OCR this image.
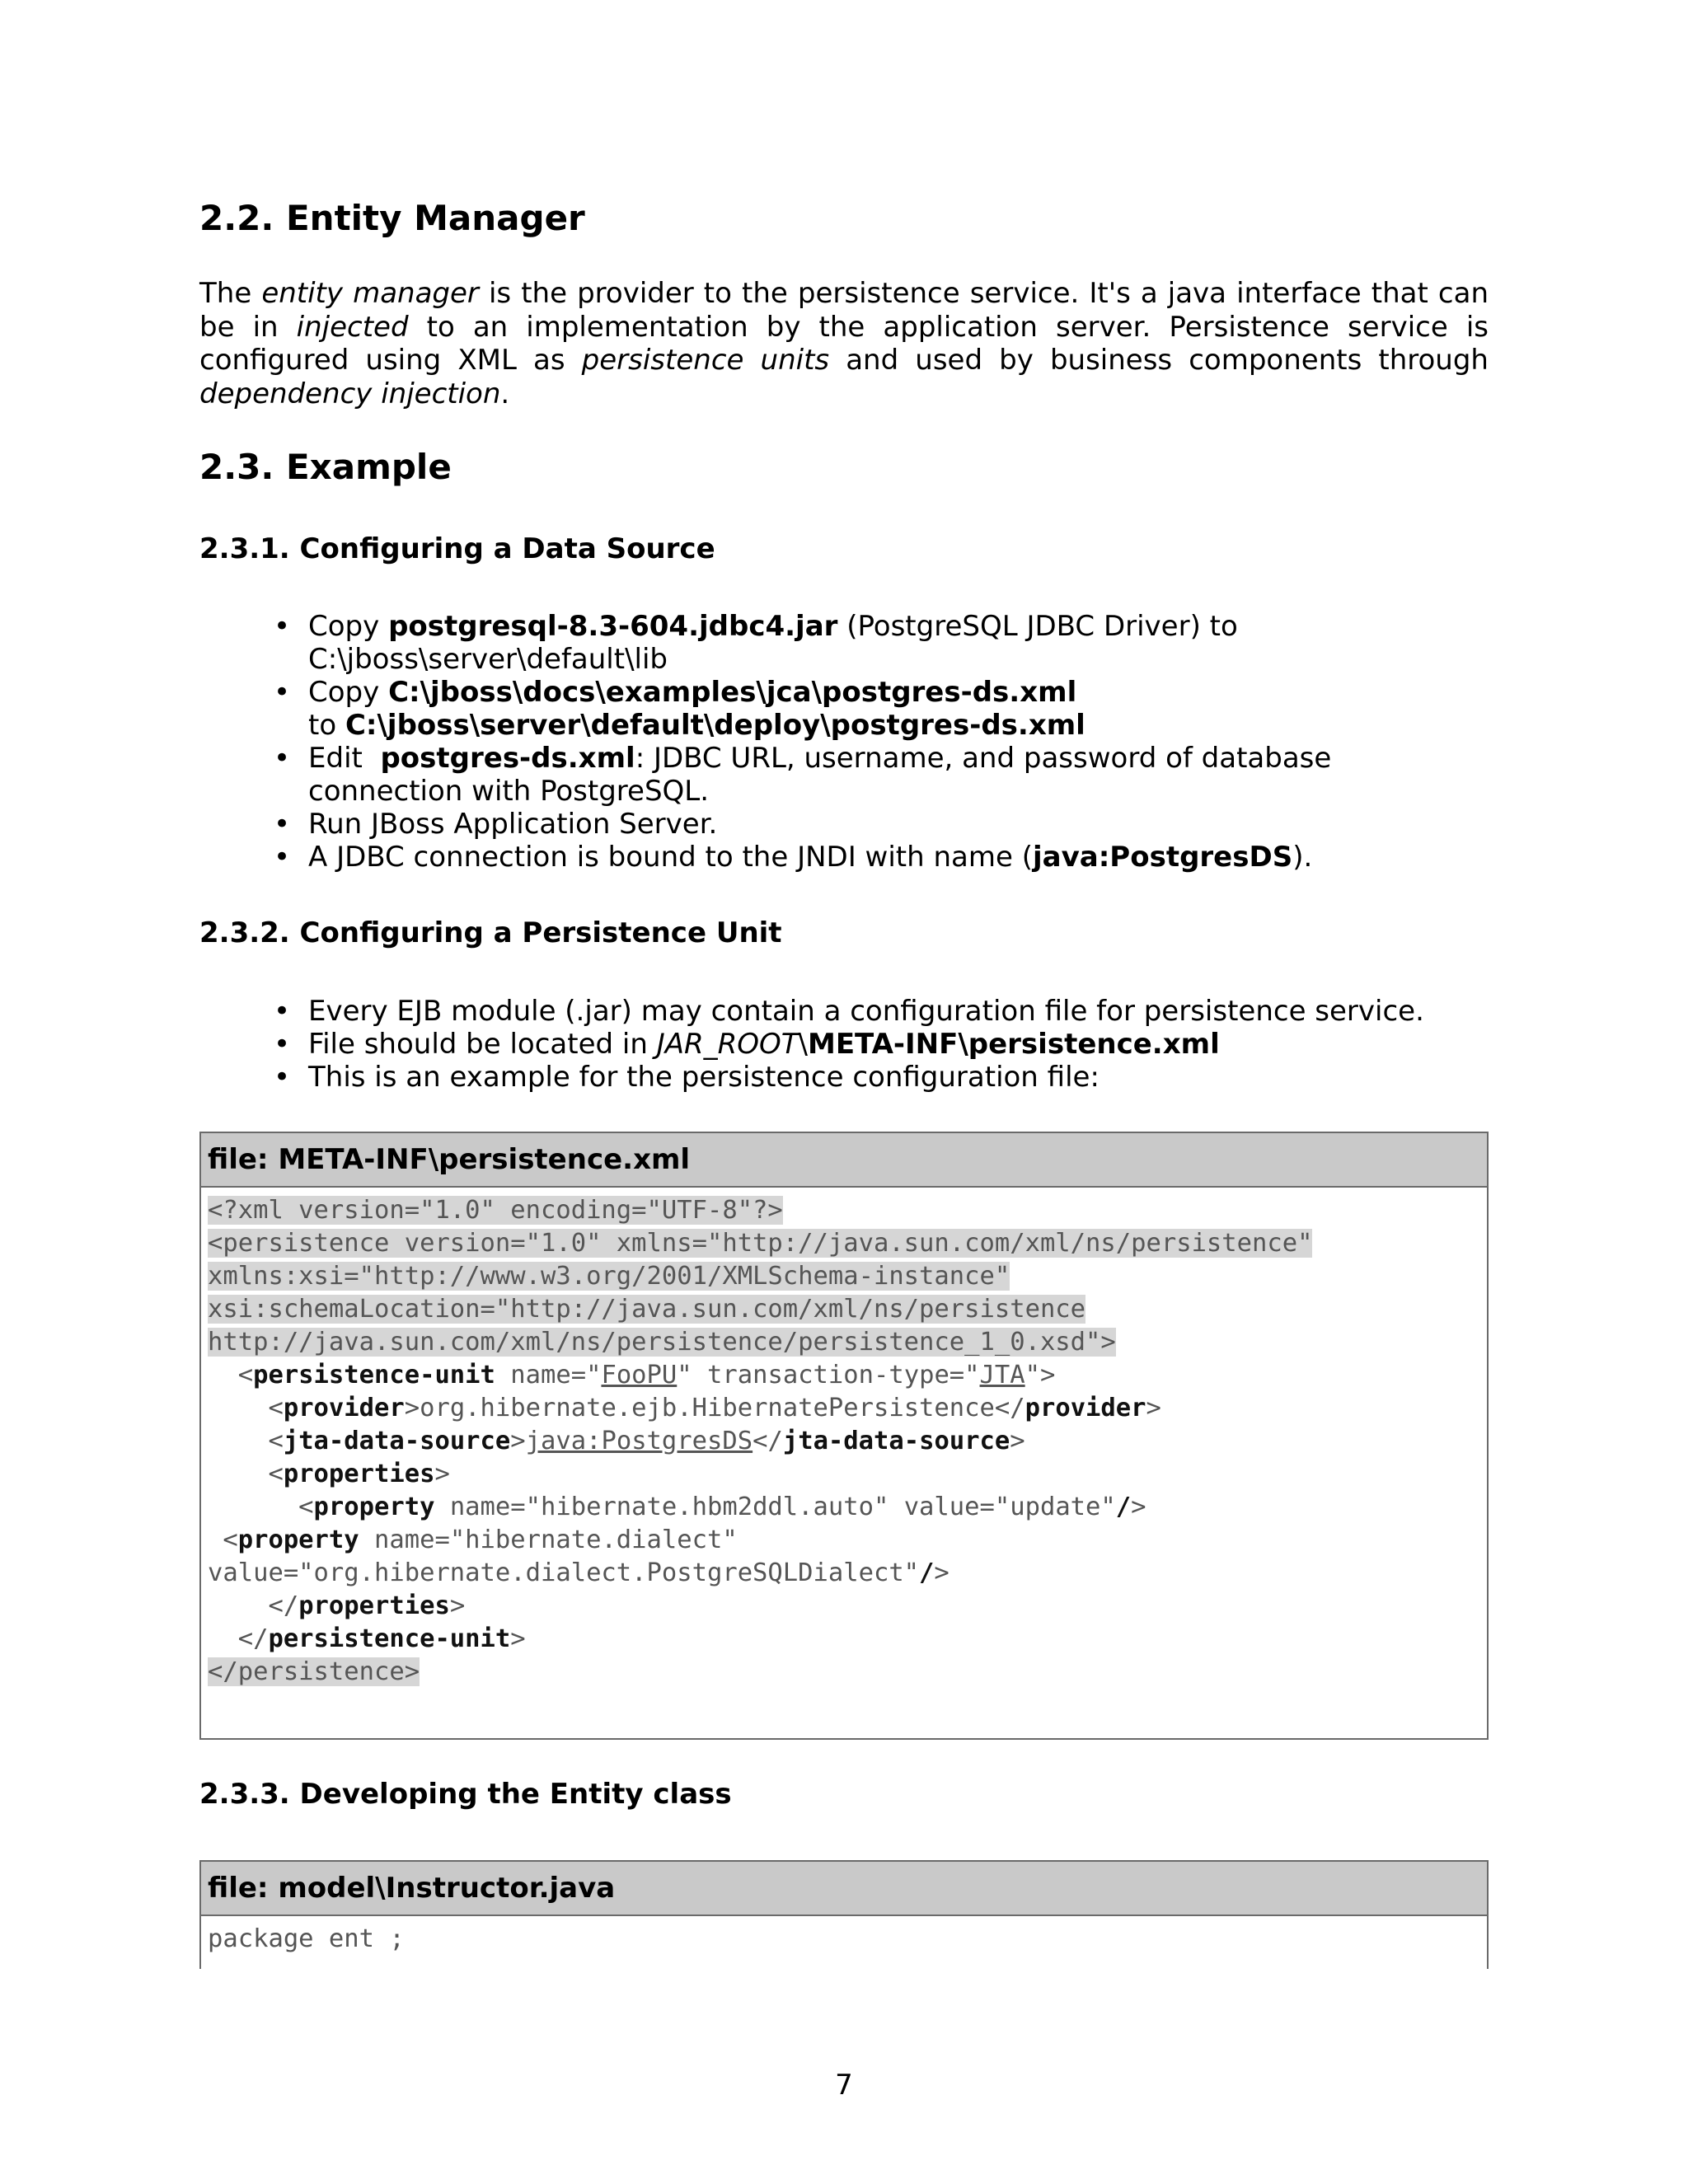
2.2. Entity Manager

The entity manager is the provider to the persistence service. It's a java interface that can be in injected to an implementation by the application server. Persistence service is configured using XML as persistence units and used by business components through dependency injection.

2.3. Example
2.3.1. Configuring a Data Source
• Copy postgresql-8.3-604.jdbc4.jar (PostgreSQL JDBC Driver) to
C:\jboss\server\default\lib
• Copy C:\jboss\docs\examples\jca\postgres-ds.xml
to C:\jboss\server\default\deploy\postgres-ds.xml
• Edit  postgres-ds.xml: JDBC URL, username, and password of database
connection with PostgreSQL.
• Run JBoss Application Server.
• A JDBC connection is bound to the JNDI with name (java:PostgresDS).
2.3.2. Configuring a Persistence Unit
• Every EJB module (.jar) may contain a configuration file for persistence service.
• File should be located in JAR_ROOT\META-INF\persistence.xml
• This is an example for the persistence configuration file:
file: META-INF\persistence.xml
<?xml version="1.0" encoding="UTF-8"?>
<persistence version="1.0" xmlns="http://java.sun.com/xml/ns/persistence"
xmlns:xsi="http://www.w3.org/2001/XMLSchema-instance"
xsi:schemaLocation="http://java.sun.com/xml/ns/persistence
http://java.sun.com/xml/ns/persistence/persistence_1_0.xsd">
<persistence-unit name="FooPU" transaction-type="JTA">
<provider>org.hibernate.ejb.HibernatePersistence</provider>
<jta-data-source>java:PostgresDS</jta-data-source>
<properties>
<property name="hibernate.hbm2ddl.auto" value="update"/>
<property name="hibernate.dialect"
value="org.hibernate.dialect.PostgreSQLDialect"/>
</properties>
</persistence-unit>
</persistence>
2.3.3. Developing the Entity class
file: model\Instructor.java
package ent ;
7
